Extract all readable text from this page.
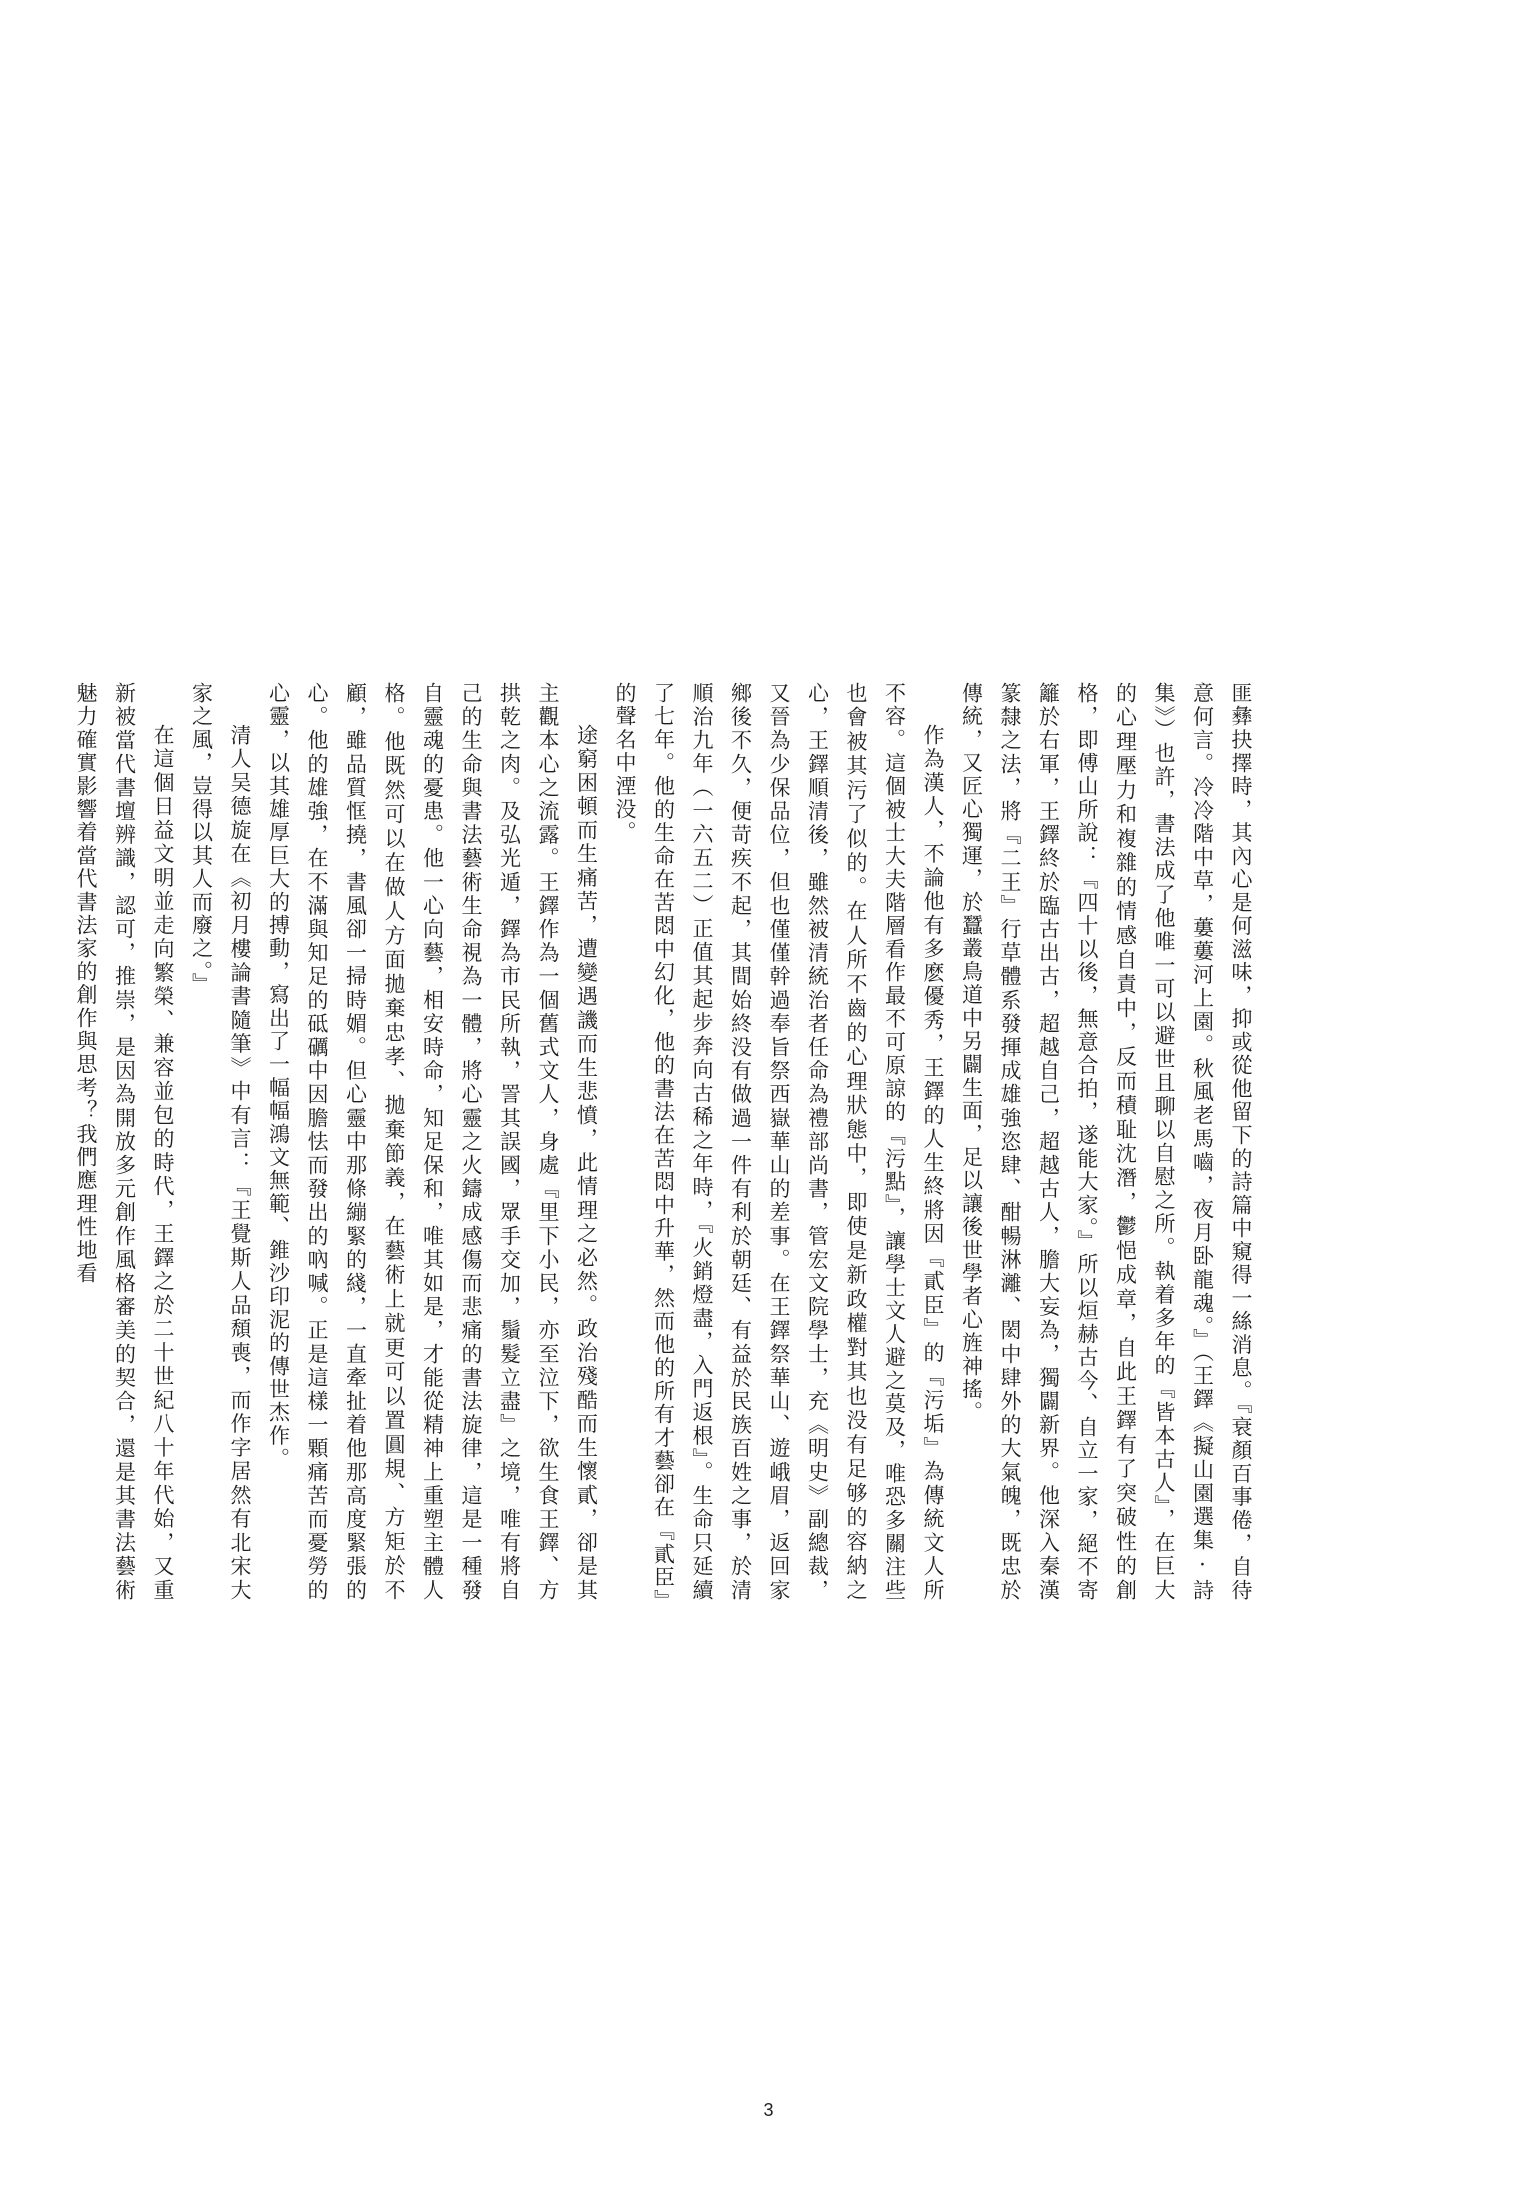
匪彝抉擇時，其內心是何滋味，抑或從他留下的詩篇中窺得一絲消息。『衰顏百事倦，自待意何言。冷冷階中草，蔞蔞河上園。秋風老馬嚙，夜月卧龍魂。』（王鐸《擬山園選集·詩集》）也許，書法成了他唯一可以避世且聊以自慰之所。執着多年的『皆本古人』，在巨大的心理壓力和複雜的情感自責中，反而積耻沈潛，鬱悒成章，自此王鐸有了突破性的創格，即傅山所說：『四十以後，無意合拍，遂能大家。』所以烜赫古今、自立一家，絕不寄籬於右軍，王鐸終於臨古出古，超越自己，超越古人，膽大妄為，獨闢新界。他深入秦漢篆隸之法，將『二王』行草體系發揮成雄強恣肆、酣暢淋灕、閎中肆外的大氣魄，既忠於傳統，又匠心獨運，於蠶叢鳥道中另闢生面，足以讓後世學者心旌神搖。

作為漢人，不論他有多麽優秀，王鐸的人生終將因『貳臣』的『污垢』為傳統文人所不容。這個被士大夫階層看作最不可原諒的『污點』，讓學士文人避之莫及，唯恐多關注些也會被其污了似的。在人所不齒的心理狀態中，即使是新政權對其也没有足够的容納之心，王鐸順清後，雖然被清統治者任命為禮部尚書，管宏文院學士，充《明史》副總裁，又晉為少保品位，但也僅僅幹過奉旨祭西嶽華山的差事。在王鐸祭華山、遊峨眉，返回家鄉後不久，便苛疾不起，其間始終没有做過一件有利於朝廷、有益於民族百姓之事，於清順治九年（一六五二）正值其起步奔向古稀之年時，『火銷燈盡，入門返根』。生命只延續了七年。他的生命在苦悶中幻化，他的書法在苦悶中升華，然而他的所有才藝卻在『貳臣』的聲名中湮没。

途窮困頓而生痛苦，遭變遇譏而生悲憤，此情理之必然。政治殘酷而生懷貳，卻是其主觀本心之流露。王鐸作為一個舊式文人，身處『里下小民，亦至泣下，欲生食王鐸、方拱乾之肉。及弘光遁，鐸為市民所執，詈其誤國，眾手交加，鬚髮立盡』之境，唯有將自己的生命與書法藝術生命視為一體，將心靈之火鑄成感傷而悲痛的書法旋律，這是一種發自靈魂的憂患。他一心向藝，相安時命，知足保和，唯其如是，才能從精神上重塑主體人格。他既然可以在做人方面拋棄忠孝、拋棄節義，在藝術上就更可以置圓規、方矩於不顧，雖品質恇撓，書風卻一掃時媚。但心靈中那條繃緊的綫，一直牽扯着他那高度緊張的心。他的雄強，在不滿與知足的砥礪中因膽怯而發出的吶喊。正是這樣一顆痛苦而憂勞的心靈，以其雄厚巨大的搏動，寫出了一幅幅鴻文無範、錐沙印泥的傳世杰作。

清人吴德旋在《初月樓論書隨筆》中有言：『王覺斯人品頹喪，而作字居然有北宋大家之風，豈得以其人而廢之。』

在這個日益文明並走向繁榮、兼容並包的時代，王鐸之於二十世紀八十年代始，又重新被當代書壇辨識，認可，推崇，是因為開放多元創作風格審美的契合，還是其書法藝術魅力確實影響着當代書法家的創作與思考？我們應理性地看

3
